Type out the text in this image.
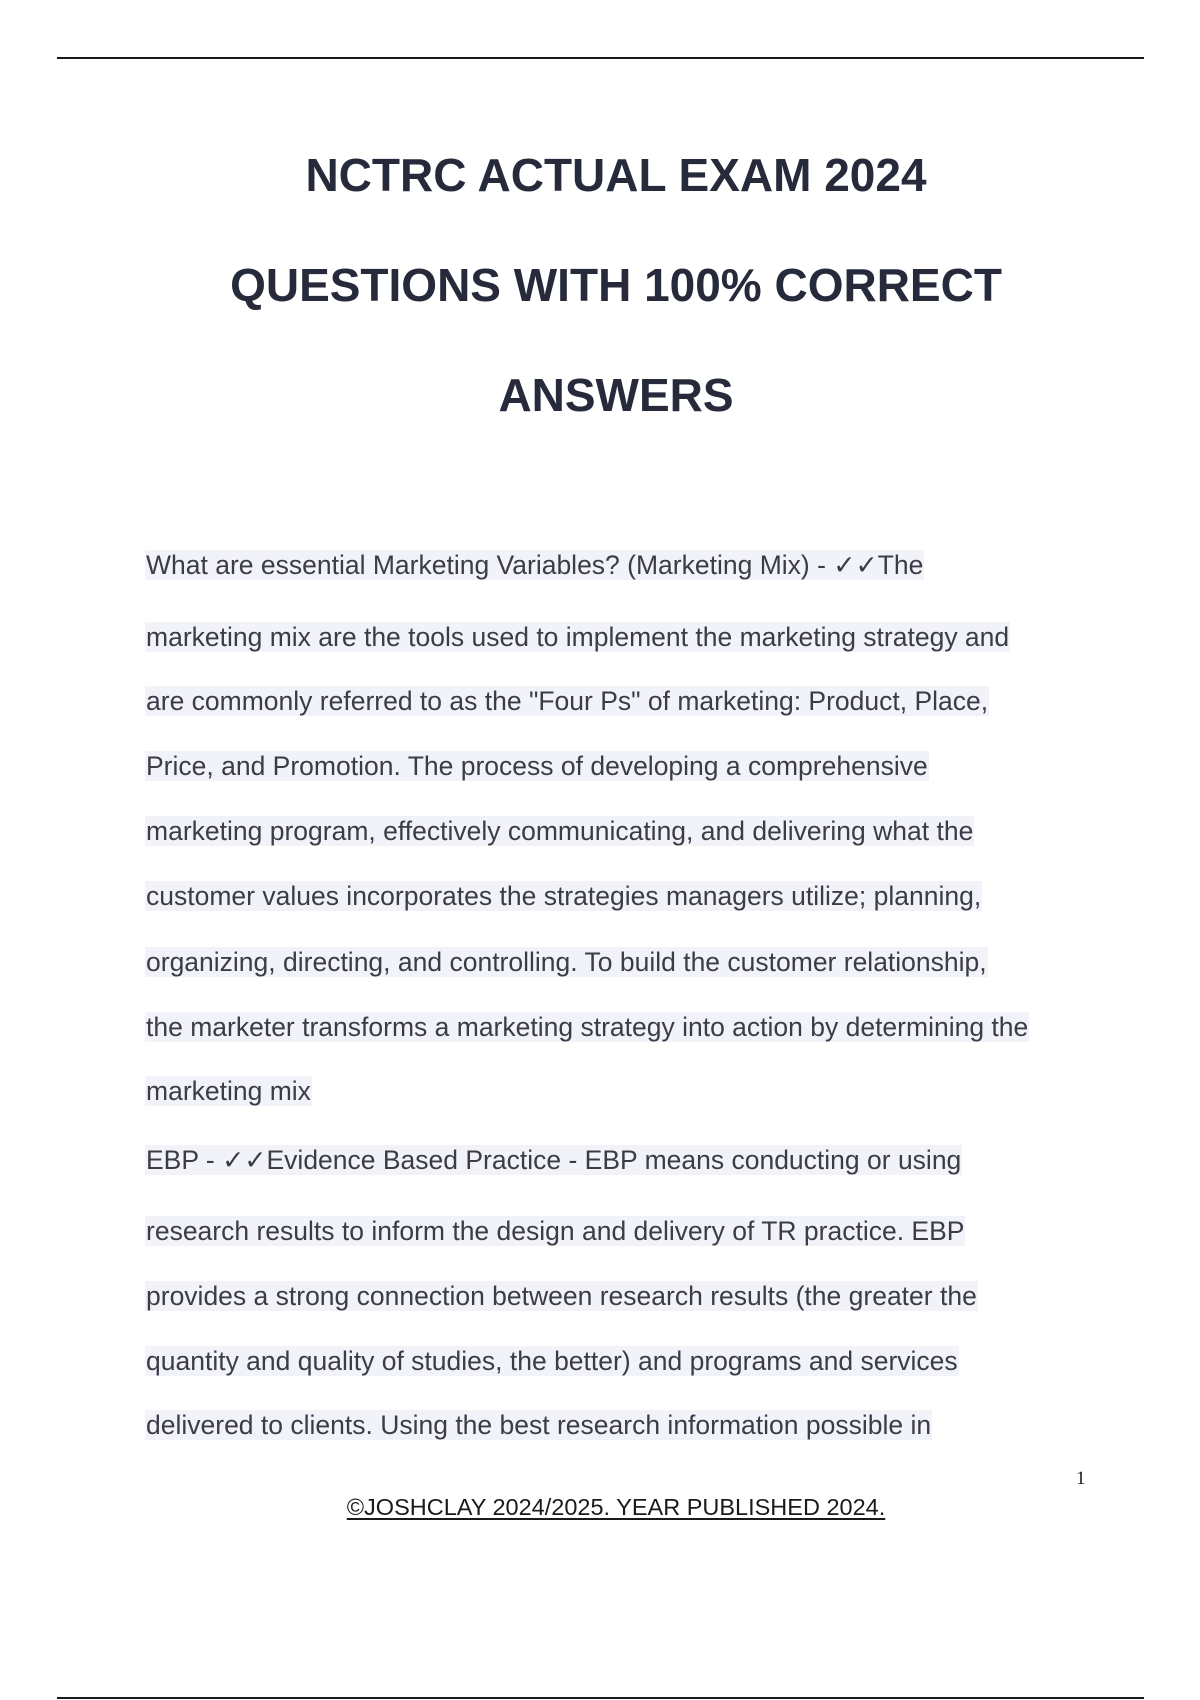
NCTRC ACTUAL EXAM 2024
QUESTIONS WITH 100% CORRECT
ANSWERS
What are essential Marketing Variables? (Marketing Mix) - ✓✓The
marketing mix are the tools used to implement the marketing strategy and
are commonly referred to as the "Four Ps" of marketing: Product, Place,
Price, and Promotion. The process of developing a comprehensive
marketing program, effectively communicating, and delivering what the
customer values incorporates the strategies managers utilize; planning,
organizing, directing, and controlling. To build the customer relationship,
the marketer transforms a marketing strategy into action by determining the
marketing mix
EBP - ✓✓Evidence Based Practice - EBP means conducting or using
research results to inform the design and delivery of TR practice. EBP
provides a strong connection between research results (the greater the
quantity and quality of studies, the better) and programs and services
delivered to clients. Using the best research information possible in
1
©JOSHCLAY 2024/2025. YEAR PUBLISHED 2024.
